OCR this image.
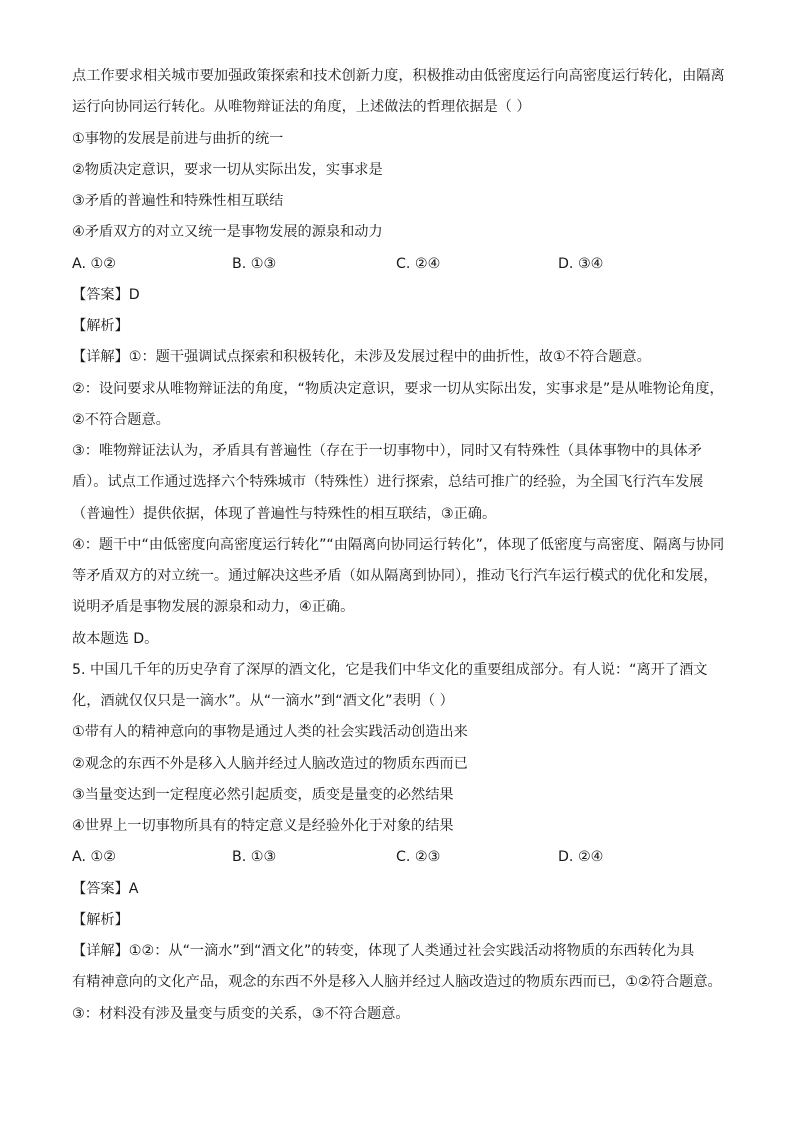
点工作要求相关城市要加强政策探索和技术创新力度，积极推动由低密度运行向高密度运行转化，由隔离
运行向协同运行转化。从唯物辩证法的角度，上述做法的哲理依据是（ ）
①事物的发展是前进与曲折的统一
②物质决定意识，要求一切从实际出发，实事求是
③矛盾的普遍性和特殊性相互联结
④矛盾双方的对立又统一是事物发展的源泉和动力
A. ①②	B. ①③	C. ②④	D. ③④
【答案】D
【解析】
【详解】①：题干强调试点探索和积极转化，未涉及发展过程中的曲折性，故①不符合题意。
②：设问要求从唯物辩证法的角度，“物质决定意识，要求一切从实际出发，实事求是”是从唯物论角度，
②不符合题意。
③：唯物辩证法认为，矛盾具有普遍性（存在于一切事物中），同时又有特殊性（具体事物中的具体矛
盾）。试点工作通过选择六个特殊城市（特殊性）进行探索，总结可推广的经验，为全国飞行汽车发展
（普遍性）提供依据，体现了普遍性与特殊性的相互联结，③正确。
④：题干中“由低密度向高密度运行转化”“由隔离向协同运行转化”，体现了低密度与高密度、隔离与协同
等矛盾双方的对立统一。通过解决这些矛盾（如从隔离到协同），推动飞行汽车运行模式的优化和发展，
说明矛盾是事物发展的源泉和动力，④正确。
故本题选 D。
5. 中国几千年的历史孕育了深厚的酒文化，它是我们中华文化的重要组成部分。有人说：“离开了酒文
化，酒就仅仅只是一滴水”。从“一滴水”到“酒文化”表明（ ）
①带有人的精神意向的事物是通过人类的社会实践活动创造出来
②观念的东西不外是移入人脑并经过人脑改造过的物质东西而已
③当量变达到一定程度必然引起质变，质变是量变的必然结果
④世界上一切事物所具有的特定意义是经验外化于对象的结果
A. ①②	B. ①③	C. ②③	D. ②④
【答案】A
【解析】
【详解】①②：从“一滴水”到“酒文化”的转变，体现了人类通过社会实践活动将物质的东西转化为具
有精神意向的文化产品，观念的东西不外是移入人脑并经过人脑改造过的物质东西而已，①②符合题意。
③：材料没有涉及量变与质变的关系，③不符合题意。
